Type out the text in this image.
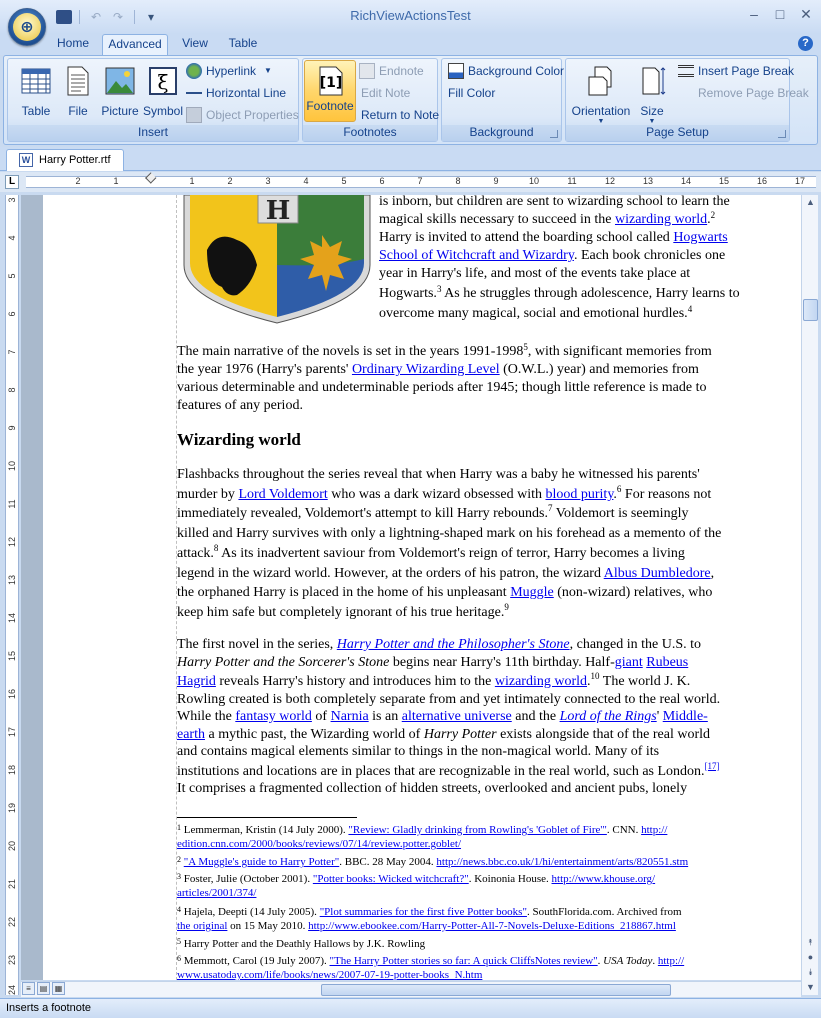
↶ ↷	▾	RichViewActionsTest	–	□	✕
⊕
Home	Advanced	View	Table	?
Table	File	Picture
ξ
Symbol
Hyperlink ▼
Horizontal Line
Object Properties
Insert
[1]
Footnote
Endnote
Edit Note
Return to Note
Footnotes
Background Color
Fill Color
Background
Orientation
▼
Size
▼
Insert Page Break
Remove Page Break
Page Setup
W Harry Potter.rtf
L	2	1	1	2	3	4	5	6	7	8	9	10	11	12	13	14	15	16	17
3
4
5
6
7
8
9
10
11
12
13
14
15
16
17
18
19
20
21
22
23
24
H	is inborn, but children are sent to wizarding school to learn the
magical skills necessary to succeed in the wizarding world.$^2$
Harry is invited to attend the boarding school called Hogwarts
School of Witchcraft and Wizardry. Each book chronicles one
year in Harry's life, and most of the events take place at
Hogwarts.$^3$ As he struggles through adolescence, Harry learns to
overcome many magical, social and emotional hurdles.$^4$
The main narrative of the novels is set in the years 1991-1998$^5$, with significant memories from
the year 1976 (Harry's parents' Ordinary Wizarding Level (O.W.L.) year) and memories from
various determinable and undeterminable periods after 1945; though little reference is made to
features of any period.
Wizarding world
Flashbacks throughout the series reveal that when Harry was a baby he witnessed his parents'
murder by Lord Voldemort who was a dark wizard obsessed with blood purity.$^6$ For reasons not
immediately revealed, Voldemort's attempt to kill Harry rebounds.$^7$ Voldemort is seemingly
killed and Harry survives with only a lightning-shaped mark on his forehead as a memento of the
attack.$^8$ As its inadvertent saviour from Voldemort's reign of terror, Harry becomes a living
legend in the wizard world. However, at the orders of his patron, the wizard Albus Dumbledore,
the orphaned Harry is placed in the home of his unpleasant Muggle (non-wizard) relatives, who
keep him safe but completely ignorant of his true heritage.$^9$
The first novel in the series, Harry Potter and the Philosopher's Stone, changed in the U.S. to
Harry Potter and the Sorcerer's Stone begins near Harry's 11th birthday. Half-giant Rubeus
Hagrid reveals Harry's history and introduces him to the wizarding world.$^{10}$ The world J. K.
Rowling created is both completely separate from and yet intimately connected to the real world.
While the fantasy world of Narnia is an alternative universe and the Lord of the Rings' Middle-
earth a mythic past, the Wizarding world of Harry Potter exists alongside that of the real world
and contains magical elements similar to things in the non-magical world. Many of its
institutions and locations are in places that are recognizable in the real world, such as London.[17]
It comprises a fragmented collection of hidden streets, overlooked and ancient pubs, lonely
$^1$ Lemmerman, Kristin (14 July 2000). "Review: Gladly drinking from Rowling's 'Goblet of Fire'". CNN. http://
edition.cnn.com/2000/books/reviews/07/14/review.potter.goblet/
$^2$ "A Muggle's guide to Harry Potter". BBC. 28 May 2004. http://news.bbc.co.uk/1/hi/entertainment/arts/820551.stm
$^3$ Foster, Julie (October 2001). "Potter books: Wicked witchcraft?". Koinonia House. http://www.khouse.org/
articles/2001/374/
$^4$ Hajela, Deepti (14 July 2005). "Plot summaries for the first five Potter books". SouthFlorida.com. Archived from
the original on 15 May 2010. http://www.ebookee.com/Harry-Potter-All-7-Novels-Deluxe-Editions_218867.html
$^5$ Harry Potter and the Deathly Hallows by J.K. Rowling
$^6$ Memmott, Carol (19 July 2007). "The Harry Potter stories so far: A quick CliffsNotes review". USA Today. http://
www.usatoday.com/life/books/news/2007-07-19-potter-books_N.htm
▲
⯭
●
⯯
▼
≡	▤ ▦
Inserts a footnote
